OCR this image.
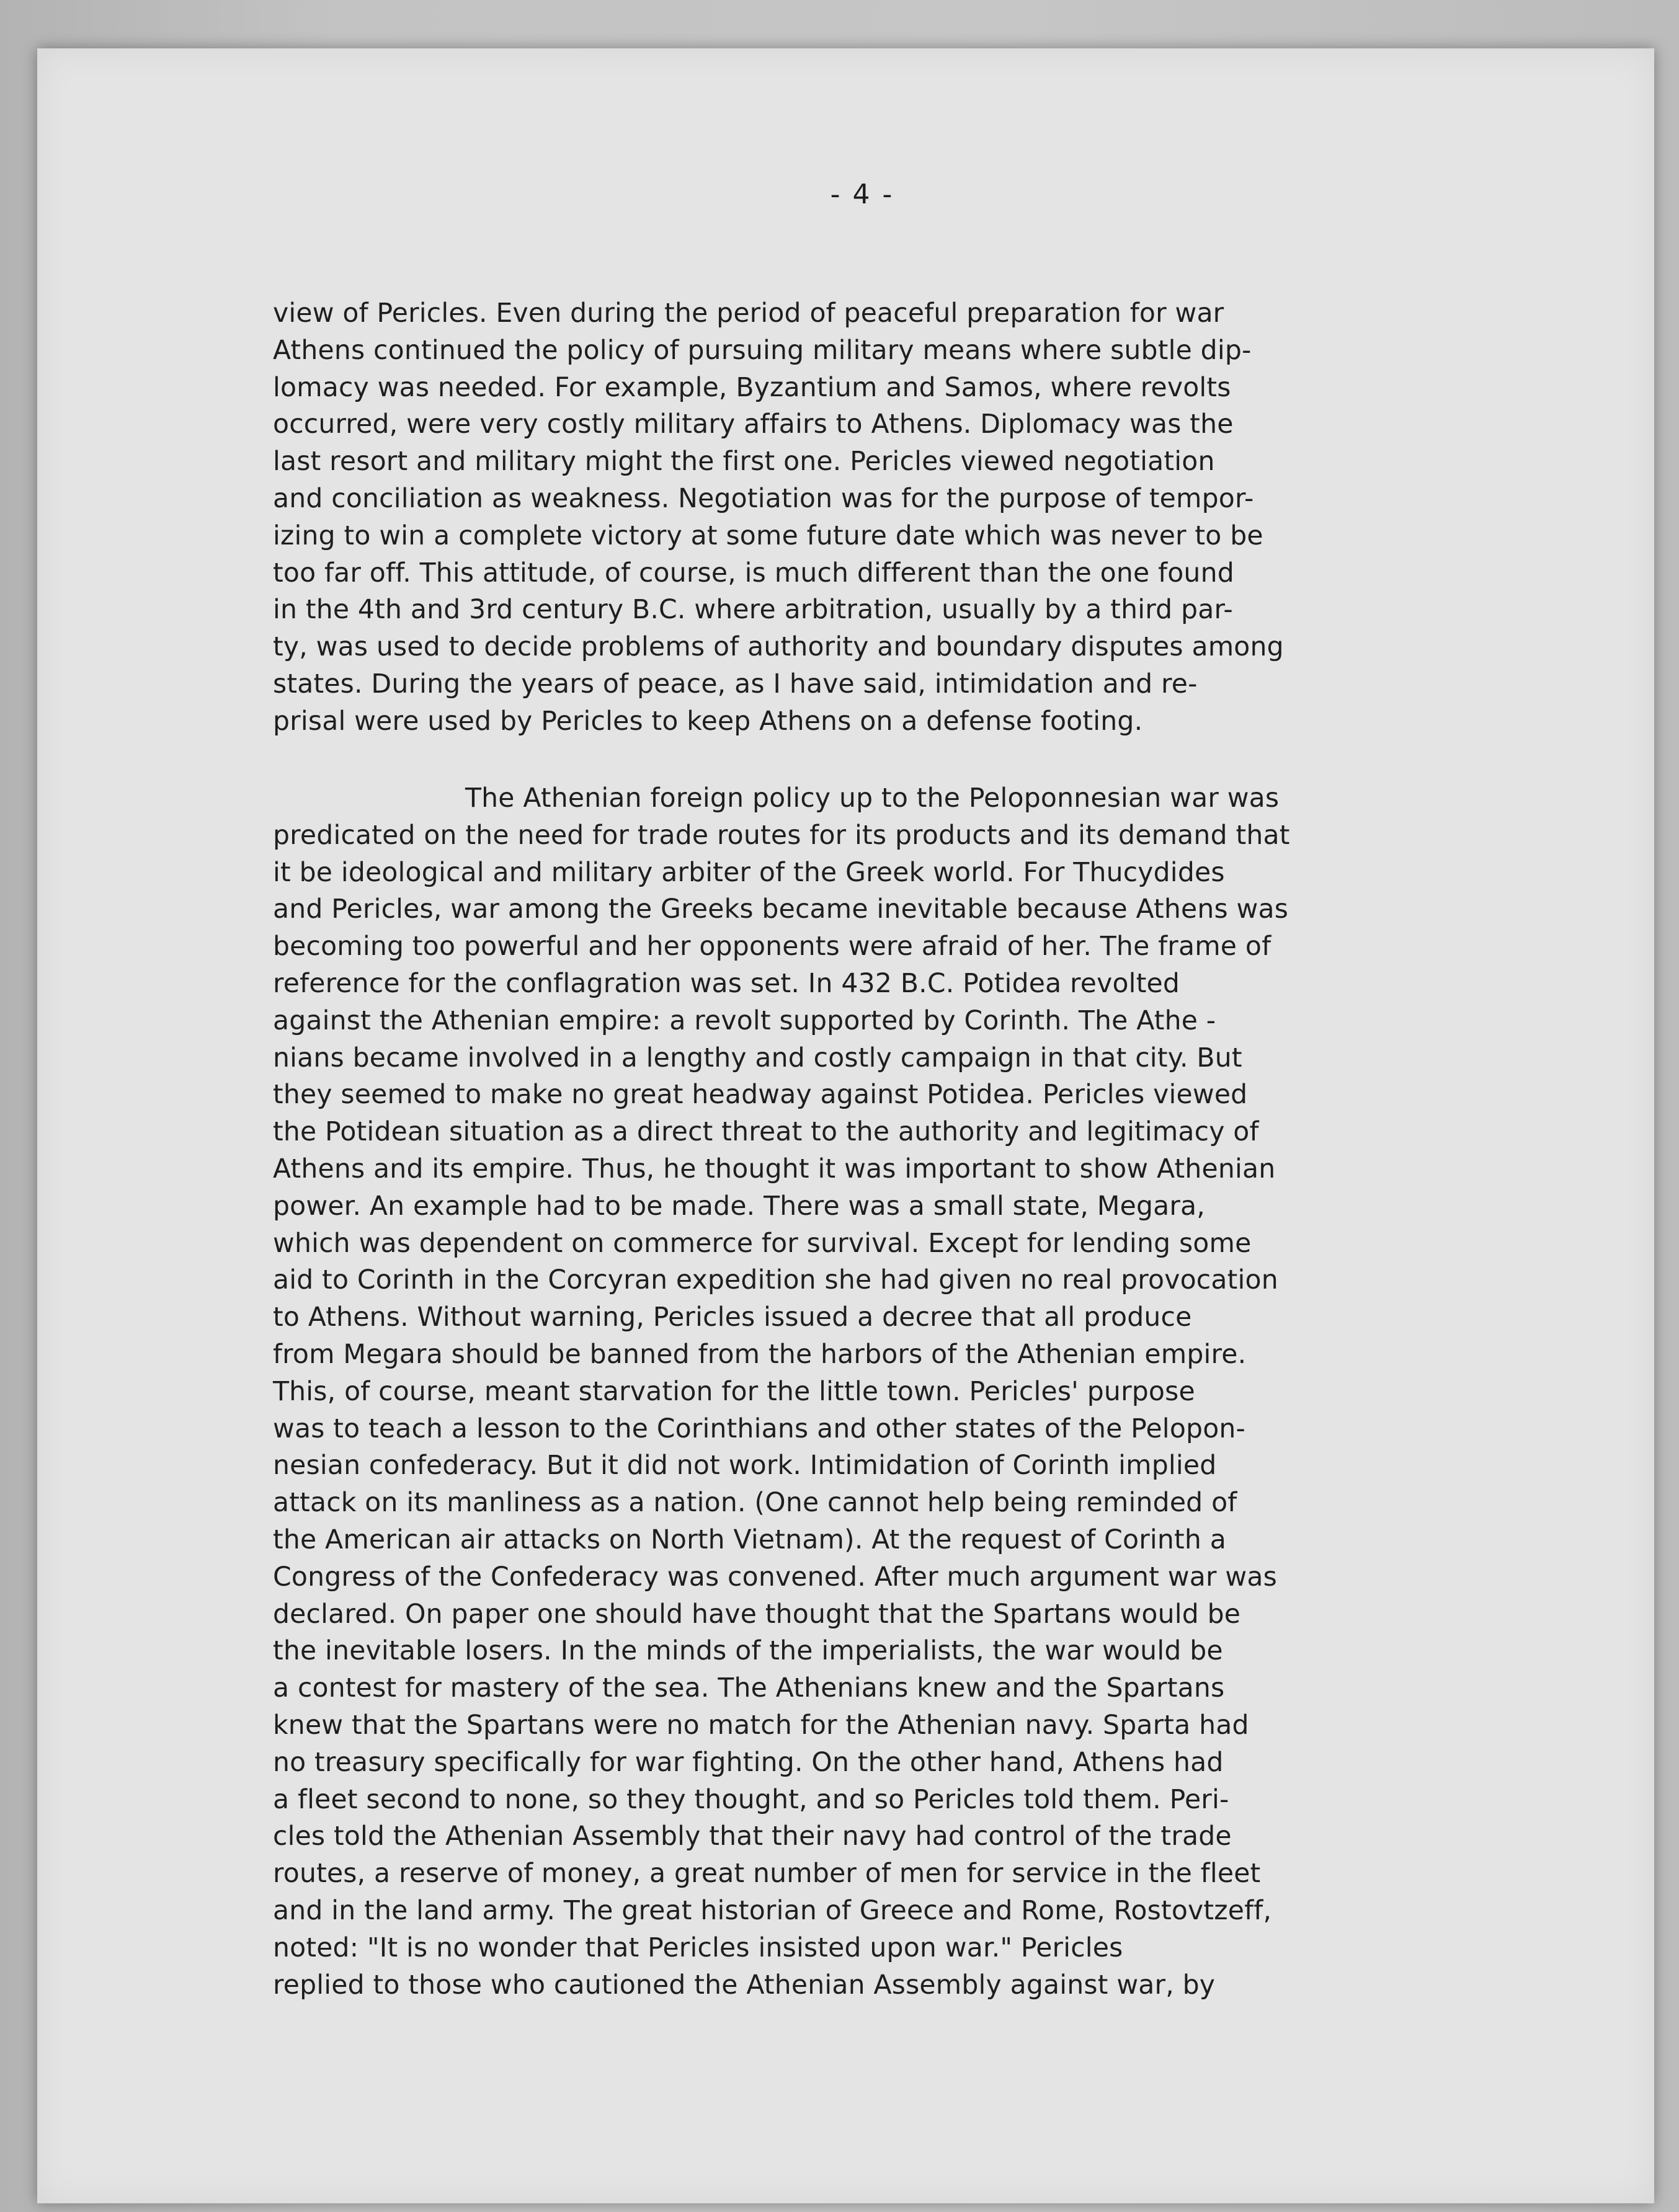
- 4 -
view of Pericles. Even during the period of peaceful preparation for war
Athens continued the policy of pursuing military means where subtle dip-
lomacy was needed. For example, Byzantium and Samos, where revolts
occurred, were very costly military affairs to Athens. Diplomacy was the
last resort and military might the first one. Pericles viewed negotiation
and conciliation as weakness. Negotiation was for the purpose of tempor-
izing to win a complete victory at some future date which was never to be
too far off. This attitude, of course, is much different than the one found
in the 4th and 3rd century B.C. where arbitration, usually by a third par-
ty, was used to decide problems of authority and boundary disputes among
states. During the years of peace, as I have said, intimidation and re-
prisal were used by Pericles to keep Athens on a defense footing.
The Athenian foreign policy up to the Peloponnesian war was
predicated on the need for trade routes for its products and its demand that
it be ideological and military arbiter of the Greek world. For Thucydides
and Pericles, war among the Greeks became inevitable because Athens was
becoming too powerful and her opponents were afraid of her. The frame of
reference for the conflagration was set. In 432 B.C. Potidea revolted
against the Athenian empire: a revolt supported by Corinth. The Athe -
nians became involved in a lengthy and costly campaign in that city. But
they seemed to make no great headway against Potidea. Pericles viewed
the Potidean situation as a direct threat to the authority and legitimacy of
Athens and its empire. Thus, he thought it was important to show Athenian
power. An example had to be made. There was a small state, Megara,
which was dependent on commerce for survival. Except for lending some
aid to Corinth in the Corcyran expedition she had given no real provocation
to Athens. Without warning, Pericles issued a decree that all produce
from Megara should be banned from the harbors of the Athenian empire.
This, of course, meant starvation for the little town. Pericles' purpose
was to teach a lesson to the Corinthians and other states of the Pelopon-
nesian confederacy. But it did not work. Intimidation of Corinth implied
attack on its manliness as a nation. (One cannot help being reminded of
the American air attacks on North Vietnam). At the request of Corinth a
Congress of the Confederacy was convened. After much argument war was
declared. On paper one should have thought that the Spartans would be
the inevitable losers. In the minds of the imperialists, the war would be
a contest for mastery of the sea. The Athenians knew and the Spartans
knew that the Spartans were no match for the Athenian navy. Sparta had
no treasury specifically for war fighting. On the other hand, Athens had
a fleet second to none, so they thought, and so Pericles told them. Peri-
cles told the Athenian Assembly that their navy had control of the trade
routes, a reserve of money, a great number of men for service in the fleet
and in the land army. The great historian of Greece and Rome, Rostovtzeff,
noted: "It is no wonder that Pericles insisted upon war." Pericles
replied to those who cautioned the Athenian Assembly against war, by
